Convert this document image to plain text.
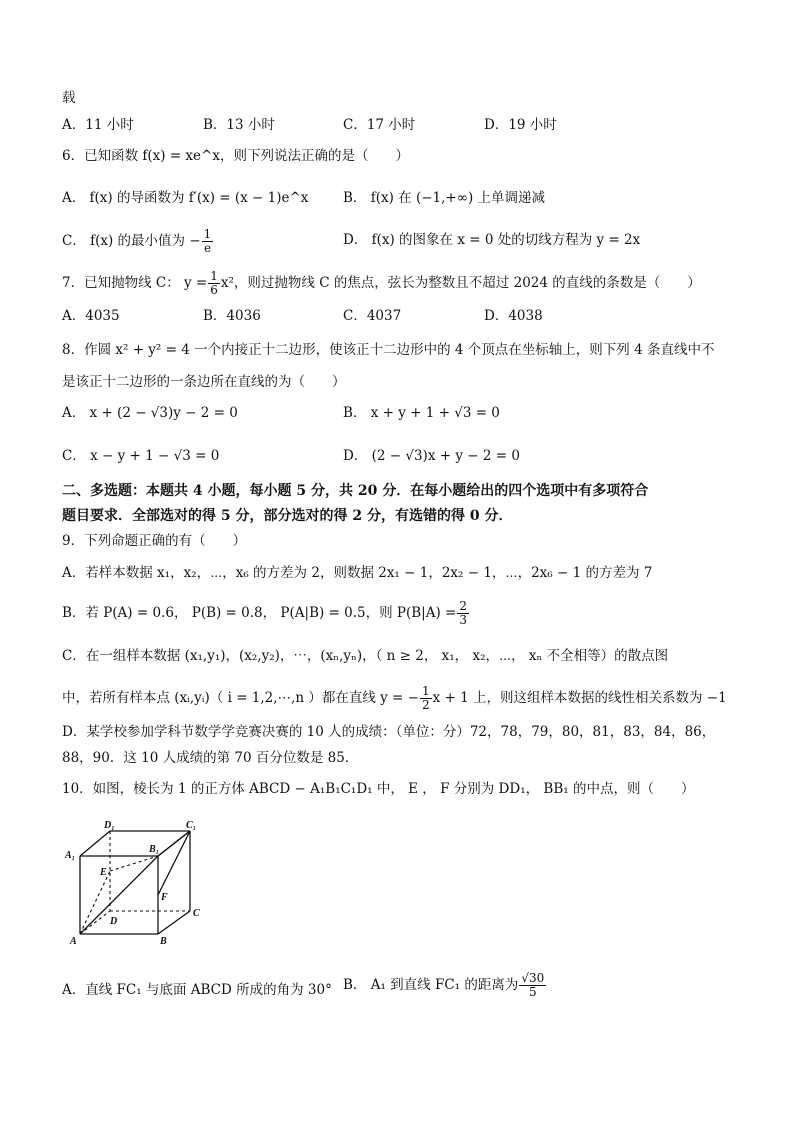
载
A．11 小时	B．13 小时	C．17 小时	D．19 小时
6．已知函数 f(x) = xe^x，则下列说法正确的是（　　）
A． f(x) 的导函数为 f′(x) = (x − 1)e^x	B． f(x) 在 (−1,+∞) 上单调递减
C． f(x) 的最小值为 − $\frac{1}{e}$	D． f(x) 的图象在 x = 0 处的切线方程为 y = 2x
7．已知抛物线 C： $y = \frac{1}{6} x^2$，则过抛物线 C 的焦点，弦长为整数且不超过 2024 的直线的条数是（　　）
A．4035	B．4036	C．4037	D．4038
8．作圆 x² + y² = 4 一个内接正十二边形，使该正十二边形中的 4 个顶点在坐标轴上，则下列 4 条直线中不
是该正十二边形的一条边所在直线的为（　　）
A． x + (2 − √3)y − 2 = 0	B． x + y + 1 + √3 = 0
C． x − y + 1 − √3 = 0	D． (2 − √3)x + y − 2 = 0
二、多选题：本题共 4 小题，每小题 5 分，共 20 分．在每小题给出的四个选项中有多项符合
题目要求．全部选对的得 5 分，部分选对的得 2 分，有选错的得 0 分．
9．下列命题正确的有（　　）
A．若样本数据 x₁，x₂，⋯，x₆ 的方差为 2，则数据 2x₁ − 1，2x₂ − 1，⋯，2x₆ − 1 的方差为 7
B．若 P(A) = 0.6， P(B) = 0.8， P(A|B) = 0.5，则 $P(B|A) = \frac{2}{3}$
C．在一组样本数据 (x₁,y₁)，(x₂,y₂)，⋯，(xₙ,yₙ)，（ n ≥ 2， x₁， x₂，⋯， xₙ 不全相等）的散点图
中，若所有样本点 (xᵢ,yᵢ)（ i = 1,2,⋯,n ）都在直线 y = − $\frac{1}{2}$ x + 1 上，则这组样本数据的线性相关系数为 −1
D．某学校参加学科节数学学竞赛决赛的 10 人的成绩：（单位：分）72，78，79，80，81，83，84，86，
88，90．这 10 人成绩的第 70 百分位数是 85．
10．如图，棱长为 1 的正方体 ABCD − A₁B₁C₁D₁ 中， E ， F 分别为 DD₁， BB₁ 的中点，则（　　）
D₁	C₁
A₁
B₁
E
F
D
C
A	B
A．直线 FC₁ 与底面 ABCD 所成的角为 30° B． A₁ 到直线 FC₁ 的距离为 $\frac{√30}{5}$
